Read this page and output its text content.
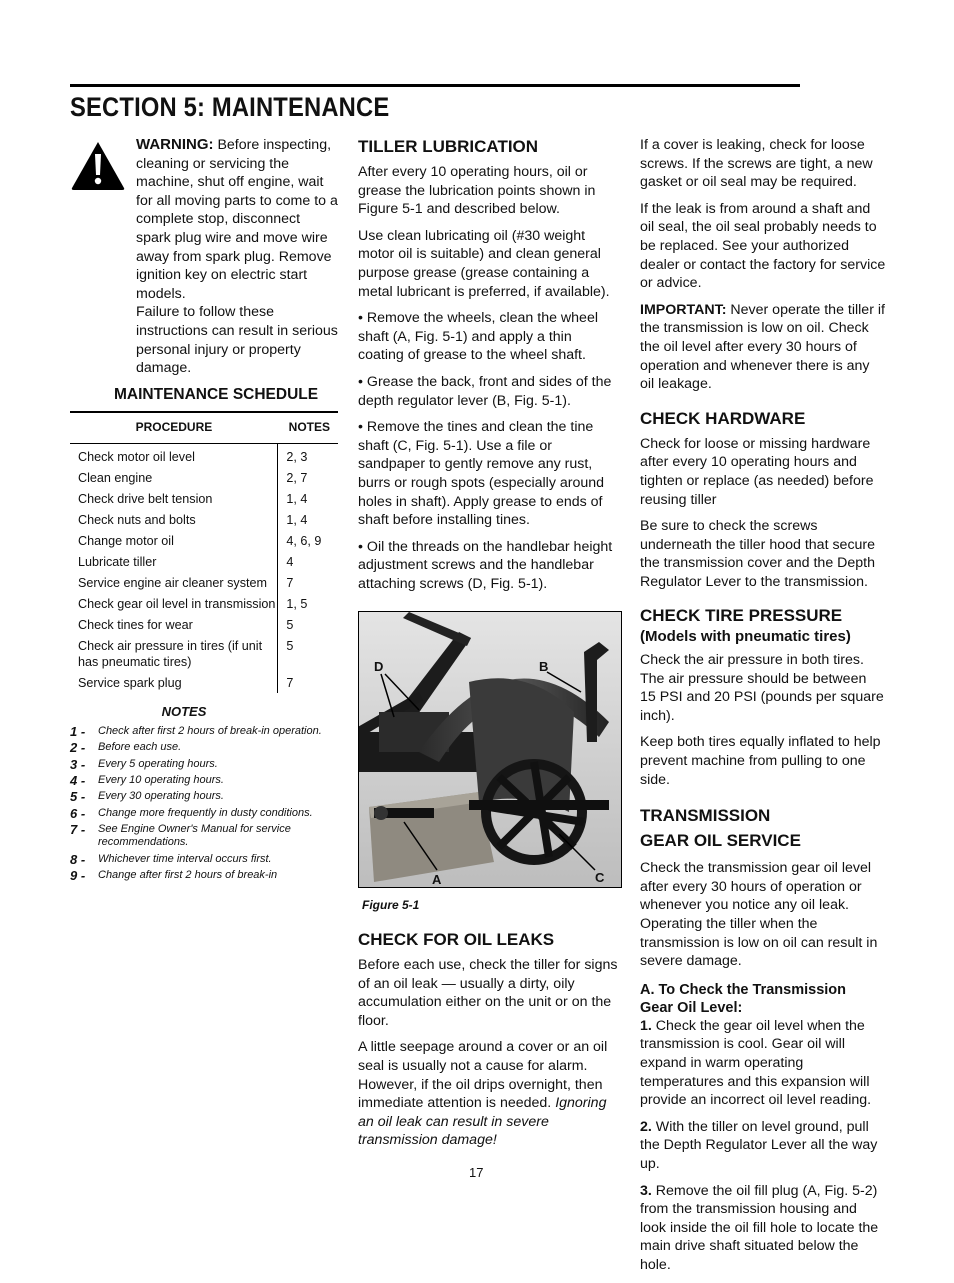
SECTION 5: MAINTENANCE
WARNING: Before inspecting, cleaning or servicing the machine, shut off engine, wait for all moving parts to come to a complete stop, disconnect spark plug wire and move wire away from spark plug. Remove ignition key on electric start models.
Failure to follow these instructions can result in serious personal injury or property damage.
MAINTENANCE SCHEDULE
PROCEDURE	NOTES
Check motor oil level	2, 3
Clean engine	2, 7
Check drive belt tension	1, 4
Check nuts and bolts	1, 4
Change motor oil	4, 6, 9
Lubricate tiller	4
Service engine air cleaner system	7
Check gear oil level in transmission	1, 5
Check tines for wear	5
Check air pressure in tires (if unit has pneumatic tires)	5
Service spark plug	7
NOTES
1 -	Check after first 2 hours of break-in operation.
2 -	Before each use.
3 -	Every 5 operating hours.
4 -	Every 10 operating hours.
5 -	Every 30 operating hours.
6 -	Change more frequently in dusty conditions.
7 -	See Engine Owner's Manual for service recommendations.
8 -	Whichever time interval occurs first.
9 -	Change after first 2 hours of break-in
TILLER LUBRICATION

After every 10 operating hours, oil or grease the lubrication points shown in Figure 5-1 and described below.

Use clean lubricating oil (#30 weight motor oil is suitable) and clean general purpose grease (grease containing a metal lubricant is preferred, if available).

• Remove the wheels, clean the wheel shaft (A, Fig. 5-1) and apply a thin coating of grease to the wheel shaft.

• Grease the back, front and sides of the depth regulator lever (B, Fig. 5-1).

• Remove the tines and clean the tine shaft (C, Fig. 5-1). Use a file or sandpaper to gently remove any rust, burrs or rough spots (especially around holes in shaft). Apply grease to ends of shaft before installing tines.

• Oil the threads on the handlebar height adjustment screws and the handlebar attaching screws (D, Fig. 5-1).

D	B
A	C
Figure 5-1
CHECK FOR OIL LEAKS

Before each use, check the tiller for signs of an oil leak — usually a dirty, oily accumulation either on the unit or on the floor.

A little seepage around a cover or an oil seal is usually not a cause for alarm. However, if the oil drips overnight, then immediate attention is needed. Ignoring an oil leak can result in severe transmission damage!

If a cover is leaking, check for loose screws. If the screws are tight, a new gasket or oil seal may be required.

If the leak is from around a shaft and oil seal, the oil seal probably needs to be replaced. See your authorized dealer or contact the factory for service or advice.

IMPORTANT: Never operate the tiller if the transmission is low on oil. Check the oil level after every 30 hours of operation and whenever there is any oil leakage.

CHECK HARDWARE

Check for loose or missing hardware after every 10 operating hours and tighten or replace (as needed) before reusing tiller

Be sure to check the screws underneath the tiller hood that secure the transmission cover and the Depth Regulator Lever to the transmission.

CHECK TIRE PRESSURE
(Models with pneumatic tires)

Check the air pressure in both tires. The air pressure should be between 15 PSI and 20 PSI (pounds per square inch).

Keep both tires equally inflated to help prevent machine from pulling to one side.

TRANSMISSION
GEAR OIL SERVICE

Check the transmission gear oil level after every 30 hours of operation or whenever you notice any oil leak. Operating the tiller when the transmission is low on oil can result in severe damage.

A. To Check the Transmission
Gear Oil Level:

1. Check the gear oil level when the transmission is cool. Gear oil will expand in warm operating temperatures and this expansion will provide an incorrect oil level reading.

2. With the tiller on level ground, pull the Depth Regulator Lever all the way up.

3. Remove the oil fill plug (A, Fig. 5-2) from the transmission housing and look inside the oil fill hole to locate the main drive shaft situated below the hole.

17
